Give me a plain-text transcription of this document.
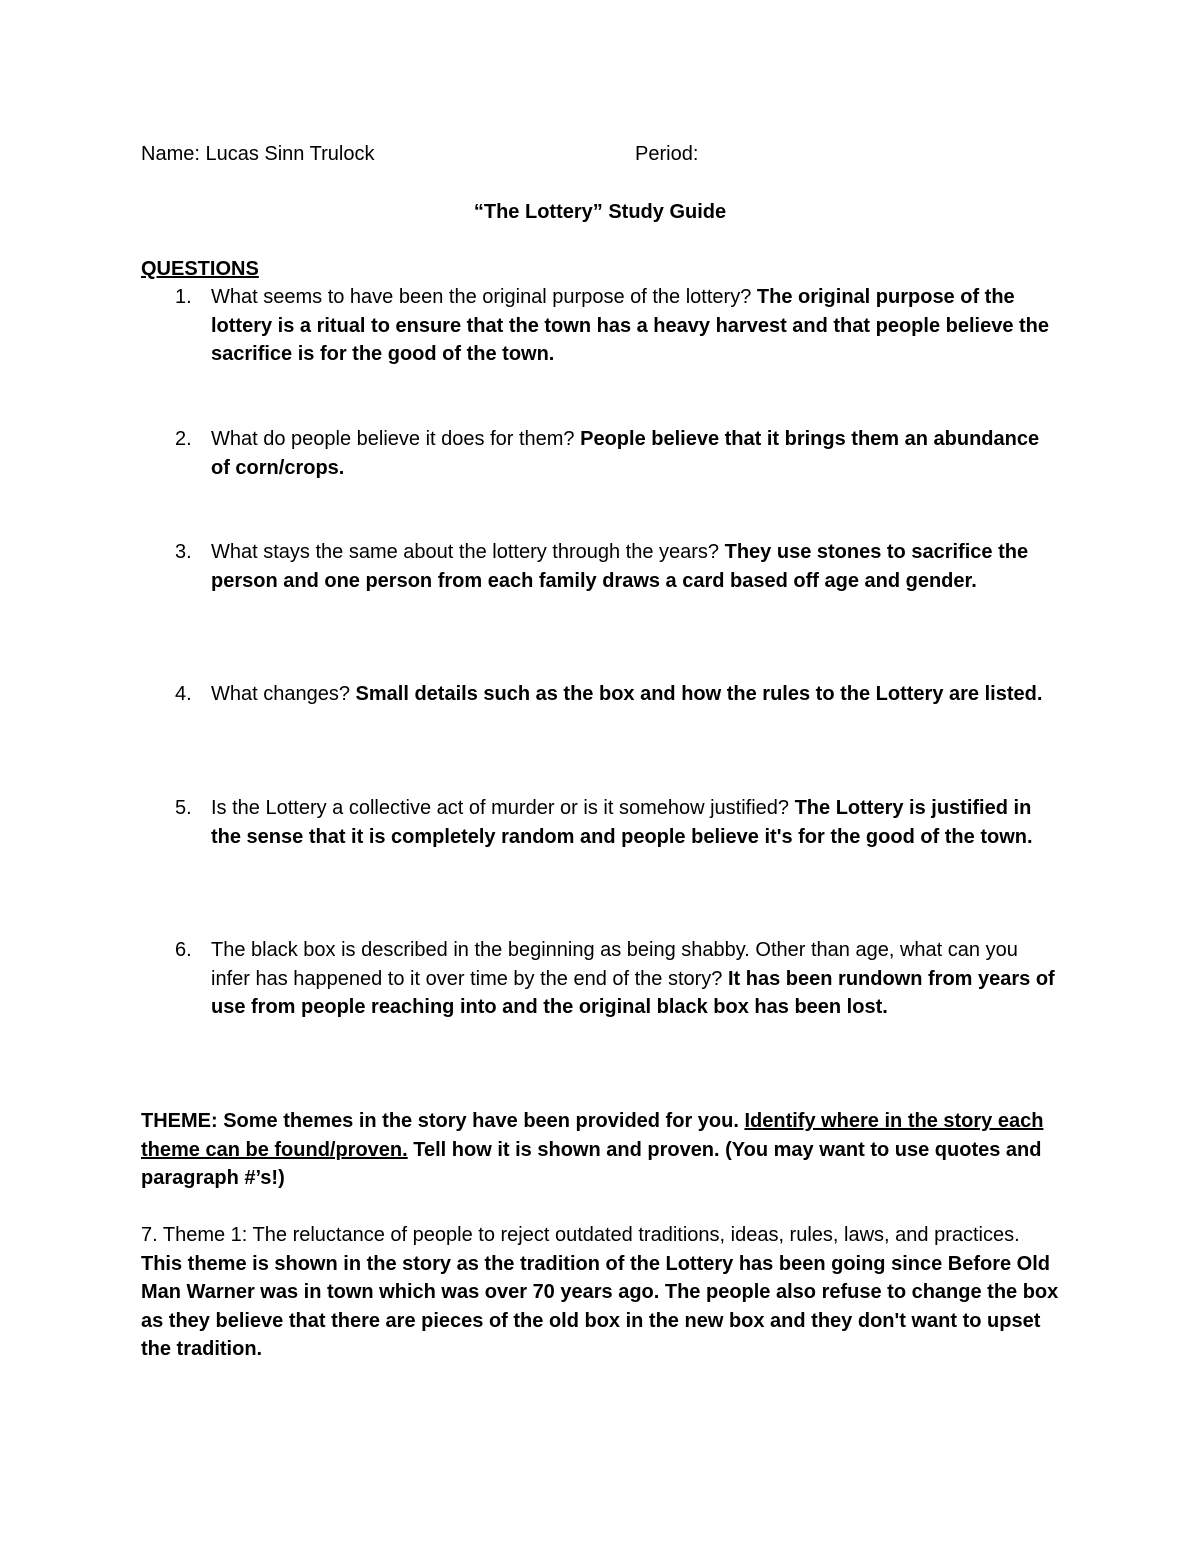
Name: Lucas Sinn Trulock	Period:
“The Lottery” Study Guide
QUESTIONS
1. What seems to have been the original purpose of the lottery? The original purpose of the lottery is a ritual to ensure that the town has a heavy harvest and that people believe the sacrifice is for the good of the town.
2. What do people believe it does for them? People believe that it brings them an abundance of corn/crops.
3. What stays the same about the lottery through the years? They use stones to sacrifice the person and one person from each family draws a card based off age and gender.
4. What changes? Small details such as the box and how the rules to the Lottery are listed.
5. Is the Lottery a collective act of murder or is it somehow justified? The Lottery is justified in the sense that it is completely random and people believe it's for the good of the town.
6. The black box is described in the beginning as being shabby. Other than age, what can you infer has happened to it over time by the end of the story? It has been rundown from years of use from people reaching into and the original black box has been lost.
THEME: Some themes in the story have been provided for you. Identify where in the story each theme can be found/proven. Tell how it is shown and proven. (You may want to use quotes and paragraph #’s!)
7. Theme 1: The reluctance of people to reject outdated traditions, ideas, rules, laws, and practices. This theme is shown in the story as the tradition of the Lottery has been going since Before Old Man Warner was in town which was over 70 years ago. The people also refuse to change the box as they believe that there are pieces of the old box in the new box and they don't want to upset the tradition.
